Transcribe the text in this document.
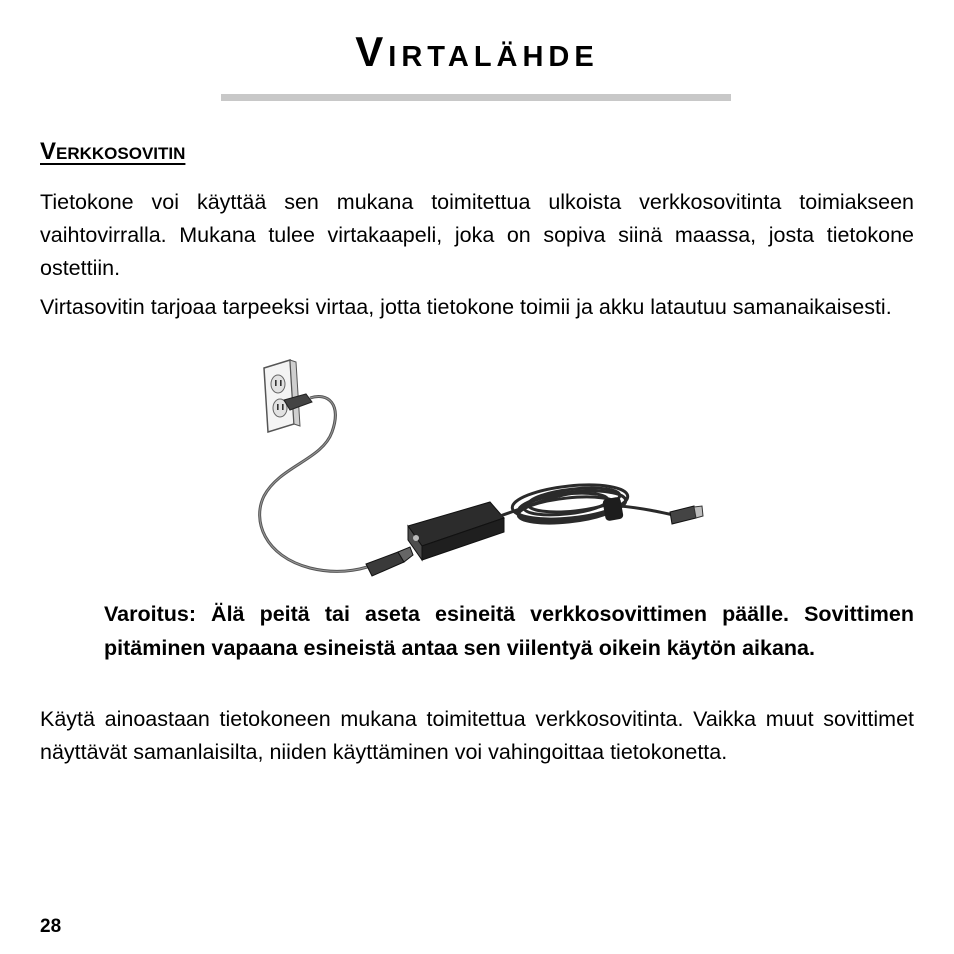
Virtalähde
Verkkosovitin

Tietokone voi käyttää sen mukana toimitettua ulkoista verkkosovitinta toimiakseen vaihtovirralla. Mukana tulee virtakaapeli, joka on sopiva siinä maassa, josta tietokone ostettiin.

Virtasovitin tarjoaa tarpeeksi virtaa, jotta tietokone toimii ja akku latautuu samanaikaisesti.

Varoitus: Älä peitä tai aseta esineitä verkkosovittimen päälle. Sovittimen pitäminen vapaana esineistä antaa sen viilentyä oikein käytön aikana.

Käytä ainoastaan tietokoneen mukana toimitettua verkkosovitinta. Vaikka muut sovittimet näyttävät samanlaisilta, niiden käyttäminen voi vahingoittaa tietokonetta.

28
